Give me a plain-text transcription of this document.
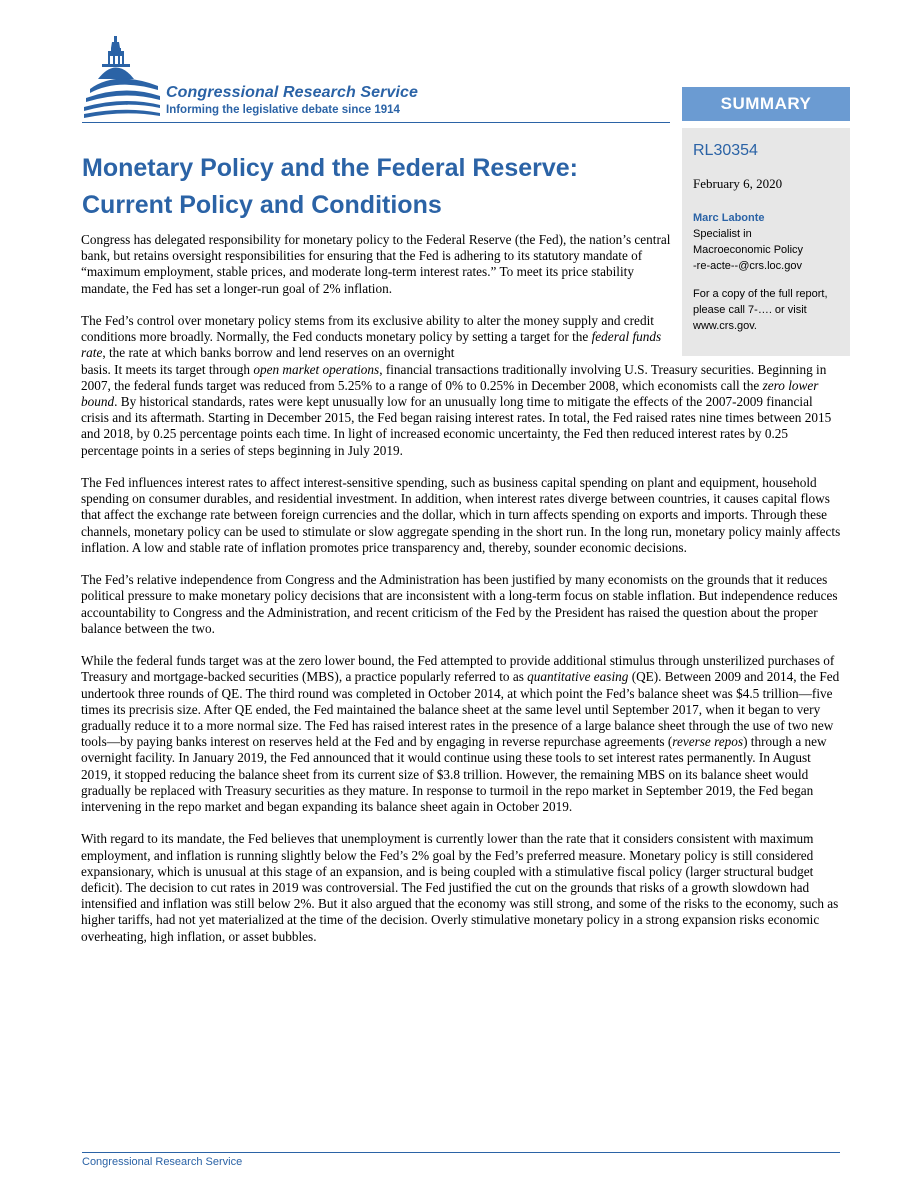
Congressional Research Service
Informing the legislative debate since 1914	SUMMARY
RL30354
February 6, 2020
Marc Labonte
Specialist in
Macroeconomic Policy
-re-acte--@crs.loc.gov
For a copy of the full report, please call 7-…. or visit www.crs.gov.
Monetary Policy and the Federal Reserve:
Current Policy and Conditions

Congress has delegated responsibility for monetary policy to the Federal Reserve (the Fed), the nation’s central bank, but retains oversight responsibilities for ensuring that the Fed is adhering to its statutory mandate of “maximum employment, stable prices, and moderate long-term interest rates.” To meet its price stability mandate, the Fed has set a longer-run goal of 2% inflation.

The Fed’s control over monetary policy stems from its exclusive ability to alter the money supply and credit conditions more broadly. Normally, the Fed conducts monetary policy by setting a target for the federal funds rate, the rate at which banks borrow and lend reserves on an overnight
basis. It meets its target through open market operations, financial transactions traditionally involving U.S. Treasury securities. Beginning in 2007, the federal funds target was reduced from 5.25% to a range of 0% to 0.25% in December 2008, which economists call the zero lower bound. By historical standards, rates were kept unusually low for an unusually long time to mitigate the effects of the 2007-2009 financial crisis and its aftermath. Starting in December 2015, the Fed began raising interest rates. In total, the Fed raised rates nine times between 2015 and 2018, by 0.25 percentage points each time. In light of increased economic uncertainty, the Fed then reduced interest rates by 0.25 percentage points in a series of steps beginning in July 2019.

The Fed influences interest rates to affect interest-sensitive spending, such as business capital spending on plant and equipment, household spending on consumer durables, and residential investment. In addition, when interest rates diverge between countries, it causes capital flows that affect the exchange rate between foreign currencies and the dollar, which in turn affects spending on exports and imports. Through these channels, monetary policy can be used to stimulate or slow aggregate spending in the short run. In the long run, monetary policy mainly affects inflation. A low and stable rate of inflation promotes price transparency and, thereby, sounder economic decisions.

The Fed’s relative independence from Congress and the Administration has been justified by many economists on the grounds that it reduces political pressure to make monetary policy decisions that are inconsistent with a long-term focus on stable inflation. But independence reduces accountability to Congress and the Administration, and recent criticism of the Fed by the President has raised the question about the proper balance between the two.

While the federal funds target was at the zero lower bound, the Fed attempted to provide additional stimulus through unsterilized purchases of Treasury and mortgage-backed securities (MBS), a practice popularly referred to as quantitative easing (QE). Between 2009 and 2014, the Fed undertook three rounds of QE. The third round was completed in October 2014, at which point the Fed’s balance sheet was $4.5 trillion—five times its precrisis size. After QE ended, the Fed maintained the balance sheet at the same level until September 2017, when it began to very gradually reduce it to a more normal size. The Fed has raised interest rates in the presence of a large balance sheet through the use of two new tools—by paying banks interest on reserves held at the Fed and by engaging in reverse repurchase agreements (reverse repos) through a new overnight facility. In January 2019, the Fed announced that it would continue using these tools to set interest rates permanently. In August 2019, it stopped reducing the balance sheet from its current size of $3.8 trillion. However, the remaining MBS on its balance sheet would gradually be replaced with Treasury securities as they mature. In response to turmoil in the repo market in September 2019, the Fed began intervening in the repo market and began expanding its balance sheet again in October 2019.

With regard to its mandate, the Fed believes that unemployment is currently lower than the rate that it considers consistent with maximum employment, and inflation is running slightly below the Fed’s 2% goal by the Fed’s preferred measure. Monetary policy is still considered expansionary, which is unusual at this stage of an expansion, and is being coupled with a stimulative fiscal policy (larger structural budget deficit). The decision to cut rates in 2019 was controversial. The Fed justified the cut on the grounds that risks of a growth slowdown had intensified and inflation was still below 2%. But it also argued that the economy was still strong, and some of the risks to the economy, such as higher tariffs, had not yet materialized at the time of the decision. Overly stimulative monetary policy in a strong expansion risks economic overheating, high inflation, or asset bubbles.

Congressional Research Service
